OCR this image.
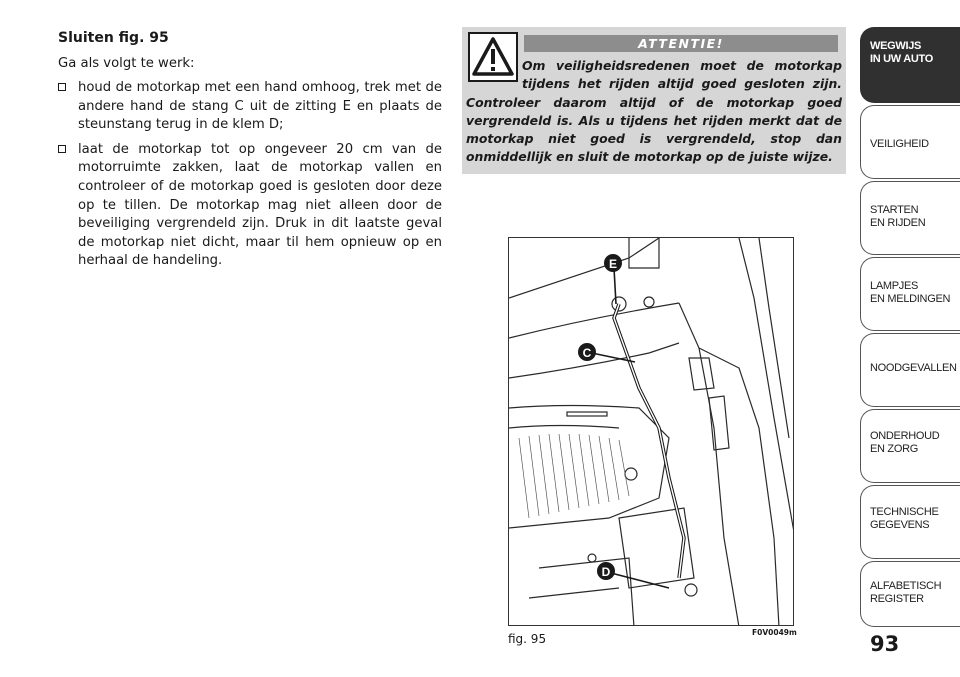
Sluiten fig. 95
Ga als volgt te werk:
houd de motorkap met een hand omhoog, trek met de andere hand de stang C uit de zitting E en plaats de steunstang terug in de klem D;
laat de motorkap tot op ongeveer 20 cm van de motorruimte zakken, laat de motorkap vallen en controleer of de motorkap goed is gesloten door deze op te tillen. De motorkap mag niet alleen door de beveiliging vergrendeld zijn. Druk in dit laatste geval de motorkap niet dicht, maar til hem opnieuw op en herhaal de handeling.
ATTENTIE!
Om veiligheidsredenen moet de motorkap tijdens het rijden altijd goed gesloten zijn. Controleer daarom altijd of de motorkap goed vergrendeld is. Als u tijdens het rijden merkt dat de motorkap niet goed is vergrendeld, stop dan onmiddellijk en sluit de motorkap op de juiste wijze.
E
C
D
fig. 95	F0V0049m
WEGWIJS
IN UW AUTO
VEILIGHEID
STARTEN
EN RIJDEN
LAMPJES
EN MELDINGEN
NOODGEVALLEN
ONDERHOUD
EN ZORG
TECHNISCHE
GEGEVENS
ALFABETISCH
REGISTER
93
